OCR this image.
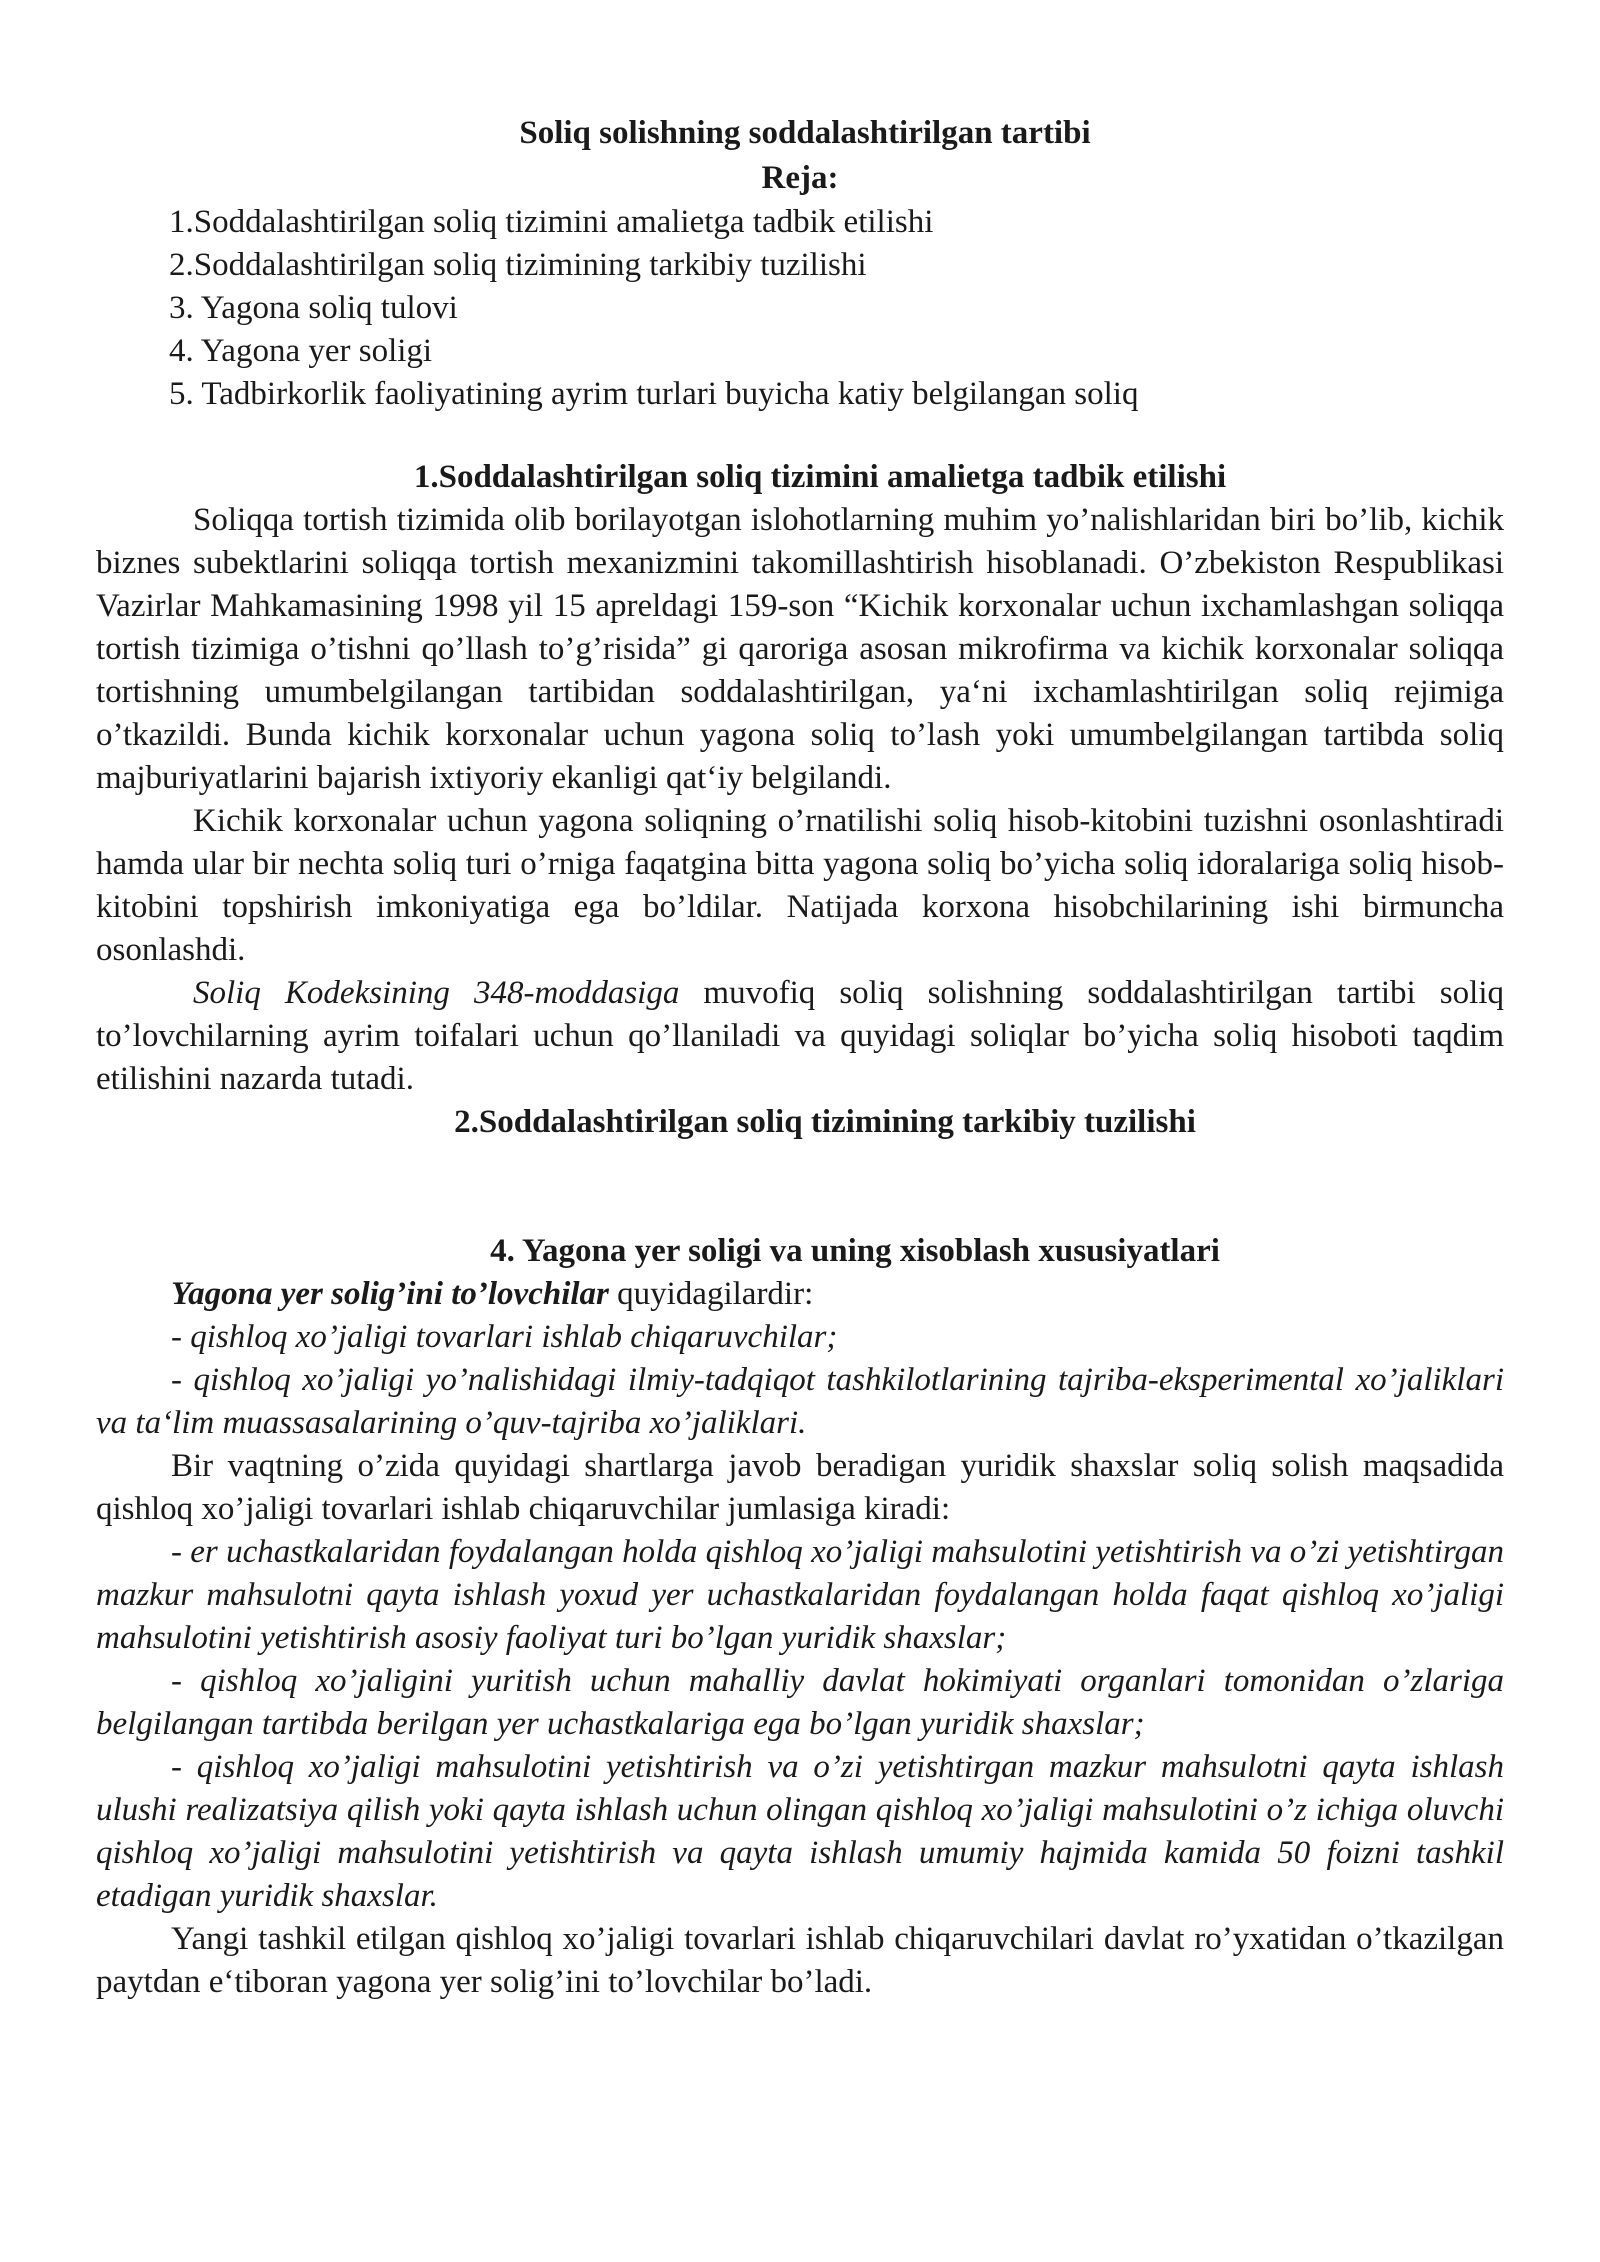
Soliq solishning soddalashtirilgan tartibi
Reja:
1.Soddalashtirilgan soliq tizimini amalietga tadbik etilishi
2.Soddalashtirilgan soliq tizimining tarkibiy tuzilishi
3. Yagona soliq tulovi
4. Yagona yer soligi
5. Tadbirkorlik faoliyatining ayrim turlari buyicha katiy belgilangan soliq
1.Soddalashtirilgan soliq tizimini amalietga tadbik etilishi

Soliqqa tortish tizimida olib borilayotgan islohotlarning muhim yo’nalishlaridan biri bo’lib, kichik biznes subektlarini soliqqa tortish mexanizmini takomillashtirish hisoblanadi. O’zbekiston Respublikasi Vazirlar Mahkamasining 1998 yil 15 apreldagi 159-son “Kichik korxonalar uchun ixchamlashgan soliqqa tortish tizimiga o’tishni qo’llash to’g’risida” gi qaroriga asosan mikrofirma va kichik korxonalar soliqqa tortishning umumbelgilangan tartibidan soddalashtirilgan, ya‘ni ixchamlashtirilgan soliq rejimiga o’tkazildi. Bunda kichik korxonalar uchun yagona soliq to’lash yoki umumbelgilangan tartibda soliq majburiyatlarini bajarish ixtiyoriy ekanligi qat‘iy belgilandi.

Kichik korxonalar uchun yagona soliqning o’rnatilishi soliq hisob-kitobini tuzishni osonlashtiradi hamda ular bir nechta soliq turi o’rniga faqatgina bitta yagona soliq bo’yicha soliq idoralariga soliq hisob-kitobini topshirish imkoniyatiga ega bo’ldilar. Natijada korxona hisobchilarining ishi birmuncha osonlashdi.

Soliq Kodeksining 348-moddasiga muvofiq soliq solishning soddalashtirilgan tartibi soliq to’lovchilarning ayrim toifalari uchun qo’llaniladi va quyidagi soliqlar bo’yicha soliq hisoboti taqdim etilishini nazarda tutadi.

2.Soddalashtirilgan soliq tizimining tarkibiy tuzilishi
4. Yagona yer soligi va uning xisoblash xususiyatlari

Yagona yer solig’ini to’lovchilar quyidagilardir:

- qishloq xo’jaligi tovarlari ishlab chiqaruvchilar;

- qishloq xo’jaligi yo’nalishidagi ilmiy-tadqiqot tashkilotlarining tajriba-eksperimental xo’jaliklari va ta‘lim muassasalarining o’quv-tajriba xo’jaliklari.

Bir vaqtning o’zida quyidagi shartlarga javob beradigan yuridik shaxslar soliq solish maqsadida qishloq xo’jaligi tovarlari ishlab chiqaruvchilar jumlasiga kiradi:

- er uchastkalaridan foydalangan holda qishloq xo’jaligi mahsulotini yetishtirish va o’zi yetishtirgan mazkur mahsulotni qayta ishlash yoxud yer uchastkalaridan foydalangan holda faqat qishloq xo’jaligi mahsulotini yetishtirish asosiy faoliyat turi bo’lgan yuridik shaxslar;

- qishloq xo’jaligini yuritish uchun mahalliy davlat hokimiyati organlari tomonidan o’zlariga belgilangan tartibda berilgan yer uchastkalariga ega bo’lgan yuridik shaxslar;

- qishloq xo’jaligi mahsulotini yetishtirish va o’zi yetishtirgan mazkur mahsulotni qayta ishlash ulushi realizatsiya qilish yoki qayta ishlash uchun olingan qishloq xo’jaligi mahsulotini o’z ichiga oluvchi qishloq xo’jaligi mahsulotini yetishtirish va qayta ishlash umumiy hajmida kamida 50 foizni tashkil etadigan yuridik shaxslar.

Yangi tashkil etilgan qishloq xo’jaligi tovarlari ishlab chiqaruvchilari davlat ro’yxatidan o’tkazilgan paytdan e‘tiboran yagona yer solig’ini to’lovchilar bo’ladi.
